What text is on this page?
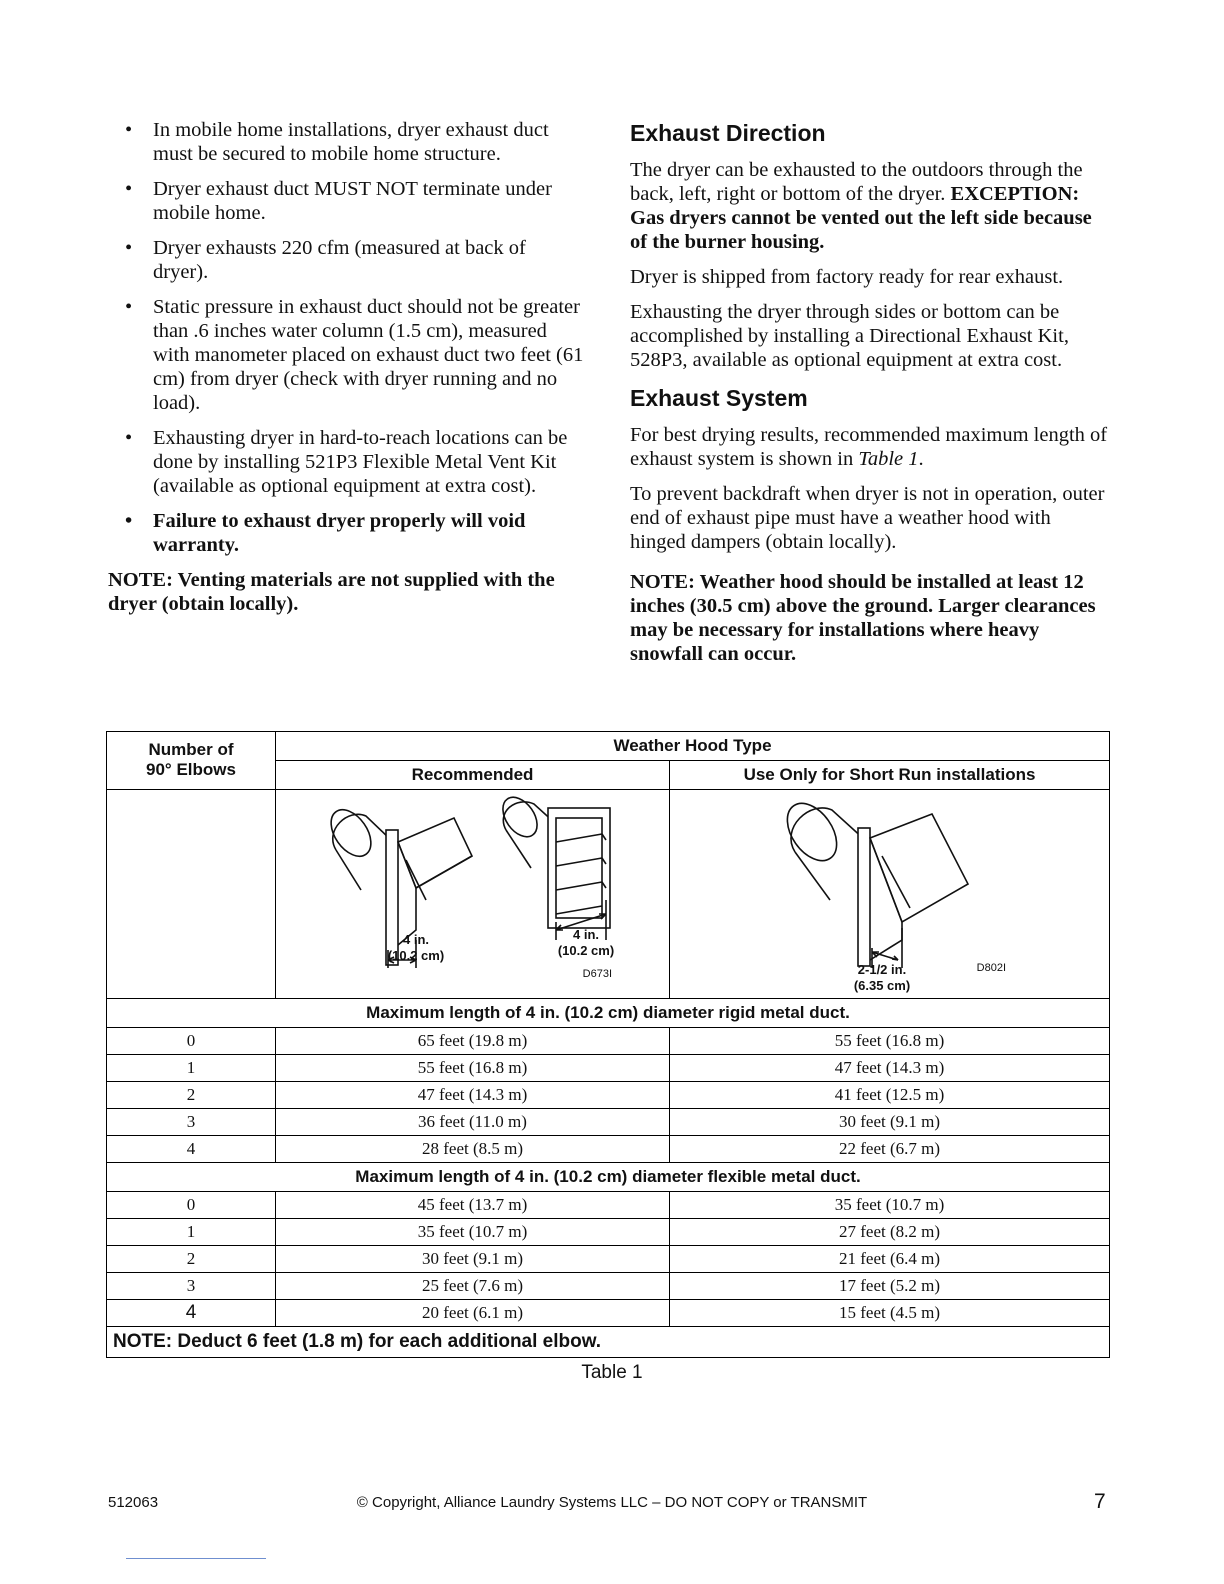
• In mobile home installations, dryer exhaust duct must be secured to mobile home structure.
• Dryer exhaust duct MUST NOT terminate under mobile home.
• Dryer exhausts 220 cfm (measured at back of dryer).
• Static pressure in exhaust duct should not be greater than .6 inches water column (1.5 cm), measured with manometer placed on exhaust duct two feet (61 cm) from dryer (check with dryer running and no load).
• Exhausting dryer in hard-to-reach locations can be done by installing 521P3 Flexible Metal Vent Kit (available as optional equipment at extra cost).
• Failure to exhaust dryer properly will void warranty.
NOTE: Venting materials are not supplied with the dryer (obtain locally).
Exhaust Direction

The dryer can be exhausted to the outdoors through the back, left, right or bottom of the dryer. EXCEPTION: Gas dryers cannot be vented out the left side because of the burner housing.

Dryer is shipped from factory ready for rear exhaust.

Exhausting the dryer through sides or bottom can be accomplished by installing a Directional Exhaust Kit, 528P3, available as optional equipment at extra cost.

Exhaust System

For best drying results, recommended maximum length of exhaust system is shown in Table 1.

To prevent backdraft when dryer is not in operation, outer end of exhaust pipe must have a weather hood with hinged dampers (obtain locally).

NOTE: Weather hood should be installed at least 12 inches (30.5 cm) above the ground. Larger clearances may be necessary for installations where heavy snowfall can occur.

Number of
90° Elbows	Weather Hood Type	
	Recommended	Use Only for Short Run installations

4 in.
(10.2 cm)
4 in.
(10.2 cm)
D673I	2-1/2 in.
(6.35 cm)
D802I

Maximum length of 4 in. (10.2 cm) diameter rigid metal duct.		
0	65 feet (19.8 m)	55 feet (16.8 m)
1	55 feet (16.8 m)	47 feet (14.3 m)
2	47 feet (14.3 m)	41 feet (12.5 m)
3	36 feet (11.0 m)	30 feet (9.1 m)
4	28 feet (8.5 m)	22 feet (6.7 m)
Maximum length of 4 in. (10.2 cm) diameter flexible metal duct.		
0	45 feet (13.7 m)	35 feet (10.7 m)
1	35 feet (10.7 m)	27 feet (8.2 m)
2	30 feet (9.1 m)	21 feet (6.4 m)
3	25 feet (7.6 m)	17 feet (5.2 m)
4	20 feet (6.1 m)	15 feet (4.5 m)
NOTE: Deduct 6 feet (1.8 m) for each additional elbow.		
Table 1
512063	© Copyright, Alliance Laundry Systems LLC – DO NOT COPY or TRANSMIT	7
